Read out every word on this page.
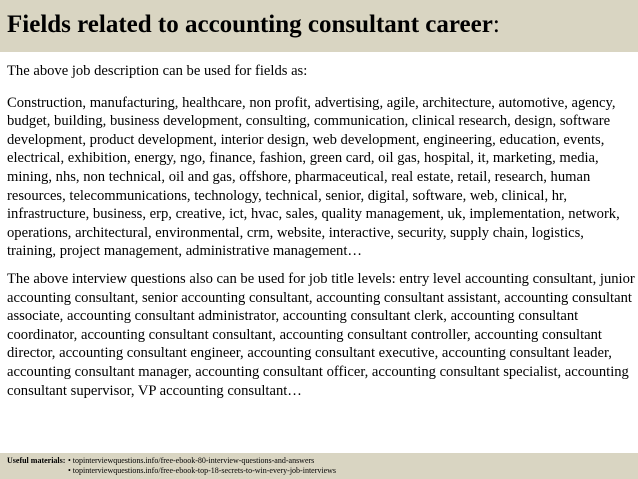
Fields related to accounting consultant career:

The above job description can be used for fields as:

Construction, manufacturing, healthcare, non profit, advertising, agile, architecture, automotive, agency, budget, building, business development, consulting, communication, clinical research, design, software development, product development, interior design, web development, engineering, education, events, electrical, exhibition, energy, ngo, finance, fashion, green card, oil gas, hospital, it, marketing, media, mining, nhs, non technical, oil and gas, offshore, pharmaceutical, real estate, retail, research, human resources, telecommunications, technology, technical, senior, digital, software, web, clinical, hr, infrastructure, business, erp, creative, ict, hvac, sales, quality management, uk, implementation, network, operations, architectural, environmental, crm, website, interactive, security, supply chain, logistics, training, project management, administrative management…

The above interview questions also can be used for job title levels: entry level accounting consultant, junior accounting consultant, senior accounting consultant, accounting consultant assistant, accounting consultant associate, accounting consultant administrator, accounting consultant clerk, accounting consultant coordinator, accounting consultant consultant, accounting consultant controller, accounting consultant director, accounting consultant engineer, accounting consultant executive, accounting consultant leader, accounting consultant manager, accounting consultant officer, accounting consultant specialist, accounting consultant supervisor, VP accounting consultant…

Useful materials: • topinterviewquestions.info/free-ebook-80-interview-questions-and-answers
• topinterviewquestions.info/free-ebook-top-18-secrets-to-win-every-job-interviews
